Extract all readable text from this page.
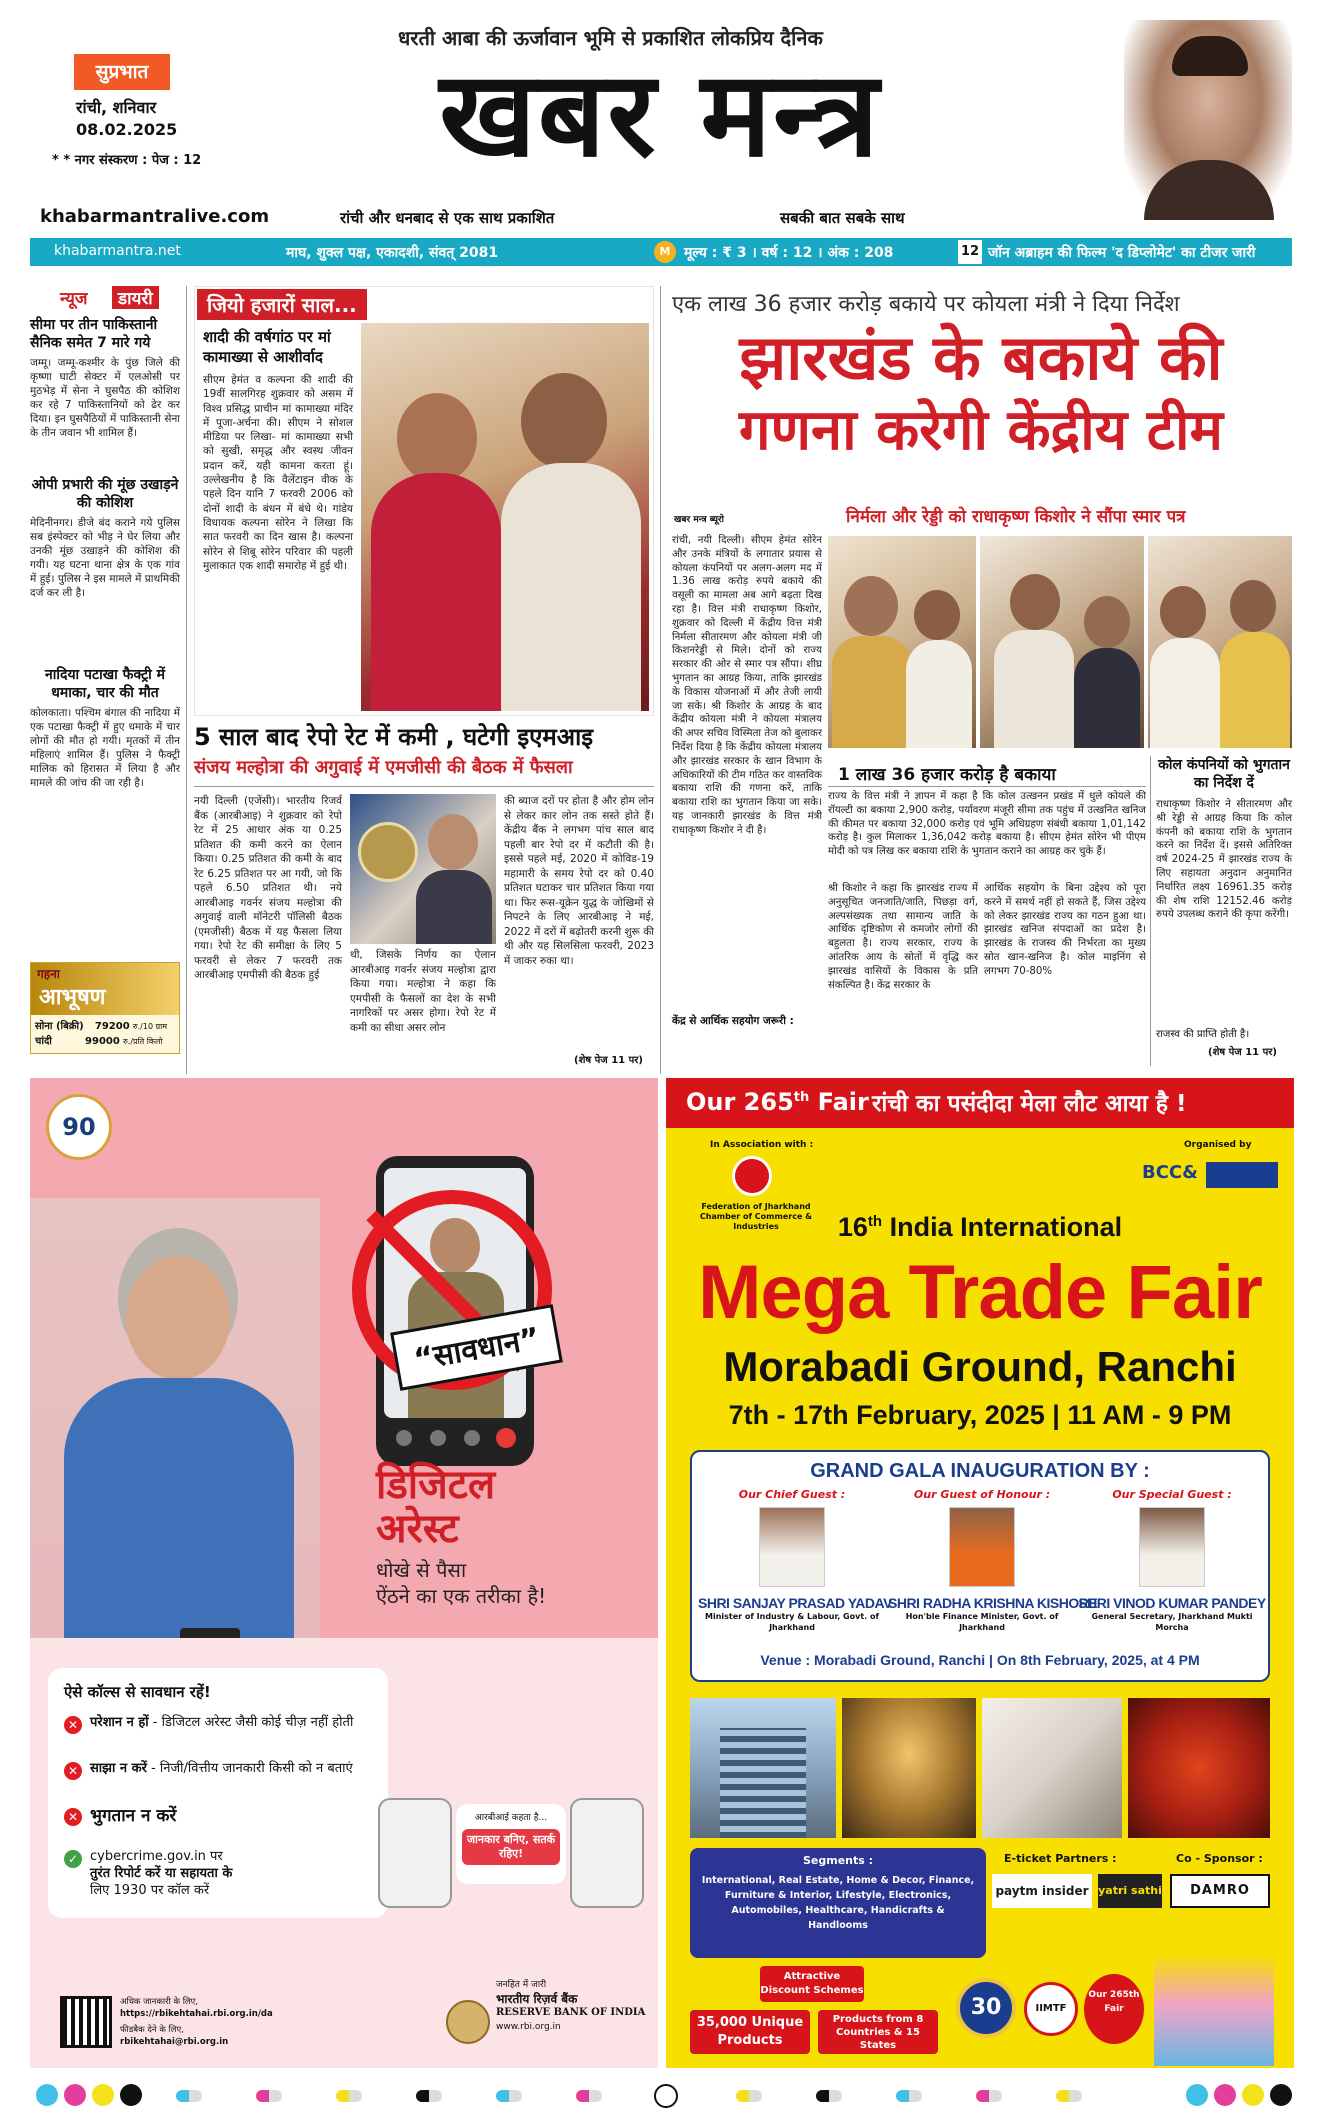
धरती आबा की ऊर्जावान भूमि से प्रकाशित लोकप्रिय दैनिक
सुप्रभात
रांची, शनिवार
08.02.2025
* * नगर संस्करण : पेज : 12	खबर मन्त्र
khabarmantralive.com	रांची और धनबाद से एक साथ प्रकाशित	सबकी बात सबके साथ
khabarmantra.net	माघ, शुक्ल पक्ष, एकादशी, संवत् 2081	M मूल्य : ₹ 3 । वर्ष : 12 । अंक : 208	12 जॉन अब्राहम की फिल्म 'द डिप्लोमेट' का टीजर जारी
न्यूज	डायरी
सीमा पर तीन पाकिस्तानी सैनिक समेत 7 मारे गये
जम्मू। जम्मू-कश्मीर के पुंछ जिले की कृष्णा घाटी सेक्टर में एलओसी पर मुठभेड़ में सेना ने घुसपैठ की कोशिश कर रहे 7 पाकिस्तानियों को ढेर कर दिया। इन घुसपैठियों में पाकिस्तानी सेना के तीन जवान भी शामिल हैं।
ओपी प्रभारी की मूंछ उखाड़ने की कोशिश
मेदिनीनगर। डीजे बंद कराने गये पुलिस सब इंस्पेक्टर को भीड़ ने घेर लिया और उनकी मूंछ उखाड़ने की कोशिश की गयी। यह घटना थाना क्षेत्र के एक गांव में हुई। पुलिस ने इस मामले में प्राथमिकी दर्ज कर ली है।
नादिया पटाखा फैक्ट्री में धमाका, चार की मौत
कोलकाता। पश्चिम बंगाल की नादिया में एक पटाखा फैक्ट्री में हुए धमाके में चार लोगों की मौत हो गयी। मृतकों में तीन महिलाएं शामिल हैं। पुलिस ने फैक्ट्री मालिक को हिरासत में लिया है और मामले की जांच की जा रही है।
गहना
आभूषण
सोना (बिक्री) 79200 रु./10 ग्राम
चांदी	99000 रु./प्रति किलो
जियो हजारों साल...
शादी की वर्षगांठ पर मां कामाख्या से आशीर्वाद
सीएम हेमंत व कल्पना की शादी की 19वीं सालगिरह शुक्रवार को असम में विश्व प्रसिद्ध प्राचीन मां कामाख्या मंदिर में पूजा-अर्चना की। सीएम ने सोशल मीडिया पर लिखा- मां कामाख्या सभी को सुखी, समृद्ध और स्वस्थ जीवन प्रदान करें, यही कामना करता हूं। उल्लेखनीय है कि वैलेंटाइन वीक के पहले दिन यानि 7 फरवरी 2006 को दोनों शादी के बंधन में बंधे थे। गांडेय विधायक कल्पना सोरेन ने लिखा कि सात फरवरी का दिन खास है। कल्पना सोरेन से शिबू सोरेन परिवार की पहली मुलाकात एक शादी समारोह में हुई थी।
5 साल बाद रेपो रेट में कमी , घटेगी इएमआइ
संजय मल्होत्रा की अगुवाई में एमजीसी की बैठक में फैसला
नयी दिल्ली (एजेंसी)। भारतीय रिजर्व बैंक (आरबीआइ) ने शुक्रवार को रेपो रेट में 25 आधार अंक या 0.25 प्रतिशत की कमी करने का ऐलान किया। 0.25 प्रतिशत की कमी के बाद रेट 6.25 प्रतिशत पर आ गयी, जो कि पहले 6.50 प्रतिशत थी। नये आरबीआइ गवर्नर संजय मल्होत्रा की अगुवाई वाली मॉनेटरी पॉलिसी बैठक (एमजीसी) बैठक में यह फैसला लिया गया। रेपो रेट की समीक्षा के लिए 5 फरवरी से लेकर 7 फरवरी तक आरबीआइ एमपीसी की बैठक हुई
थी, जिसके निर्णय का ऐलान आरबीआइ गवर्नर संजय मल्होत्रा द्वारा किया गया। मल्होत्रा ने कहा कि एमपीसी के फैसलों का देश के सभी नागरिकों पर असर होगा। रेपो रेट में कमी का सीधा असर लोन
की ब्याज दरों पर होता है और होम लोन से लेकर कार लोन तक सस्ते होते हैं। केंद्रीय बैंक ने लगभग पांच साल बाद पहली बार रेपो दर में कटौती की है। इससे पहले मई, 2020 में कोविड-19 महामारी के समय रेपो दर को 0.40 प्रतिशत घटाकर चार प्रतिशत किया गया था। फिर रूस-यूक्रेन युद्ध के जोखिमों से निपटने के लिए आरबीआइ ने मई, 2022 में दरों में बढ़ोतरी करनी शुरू की थी और यह सिलसिला फरवरी, 2023 में जाकर रुका था।
(शेष पेज 11 पर)
एक लाख 36 हजार करोड़ बकाये पर कोयला मंत्री ने दिया निर्देश
झारखंड के बकाये की
गणना करेगी केंद्रीय टीम
खबर मन्त्र ब्यूरो	निर्मला और रेड्डी को राधाकृष्ण किशोर ने सौंपा स्मार पत्र
रांची, नयी दिल्ली। सीएम हेमंत सोरेन और उनके मंत्रियों के लगातार प्रयास से कोयला कंपनियों पर अलग-अलग मद में 1.36 लाख करोड़ रुपये बकाये की वसूली का मामला अब आगे बढ़ता दिख रहा है। वित्त मंत्री राधाकृष्ण किशोर, शुक्रवार को दिल्ली में केंद्रीय वित्त मंत्री निर्मला सीतारमण और कोयला मंत्री जी किशनरेड्डी से मिले। दोनों को राज्य सरकार की ओर से स्मार पत्र सौंपा। शीघ्र भुगतान का आग्रह किया, ताकि झारखंड के विकास योजनाओं में और तेजी लायी जा सके। श्री किशोर के आग्रह के बाद केंद्रीय कोयला मंत्री ने कोयला मंत्रालय की अपर सचिव विस्मिता तेज को बुलाकर निर्देश दिया है कि केंद्रीय कोयला मंत्रालय और झारखंड सरकार के खान विभाग के अधिकारियों की टीम गठित कर वास्तविक बकाया राशि की गणना करें, ताकि बकाया राशि का भुगतान किया जा सके। यह जानकारी झारखंड के वित्त मंत्री राधाकृष्ण किशोर ने दी है।
केंद्र से आर्थिक सहयोग जरूरी :
श्री किशोर ने कहा कि झारखंड राज्य में अनुसूचित जनजाति/जाति, पिछड़ा वर्ग, अल्पसंख्यक तथा सामान्य जाति के आर्थिक दृष्टिकोण से कमजोर लोगों की बहुलता है। राज्य सरकार, राज्य के आंतरिक आय के स्रोतों में वृद्धि कर झारखंड वासियों के विकास के प्रति संकल्पित है। केंद्र सरकार के
1 लाख 36 हजार करोड़ है बकाया
राज्य के वित्त मंत्री ने ज्ञापन में कहा है कि कोल उत्खनन प्रखंड में धुले कोयले की रॉयल्टी का बकाया 2,900 करोड़, पर्यावरण मंजूरी सीमा तक पहुंच में उत्खनित खनिज की कीमत पर बकाया 32,000 करोड़ एवं भूमि अधिग्रहण संबंधी बकाया 1,01,142 करोड़ है। कुल मिलाकर 1,36,042 करोड़ बकाया है। सीएम हेमंत सोरेन भी पीएम मोदी को पत्र लिख कर बकाया राशि के भुगतान कराने का आग्रह कर चुके हैं।
आर्थिक सहयोग के बिना उद्देश्य को पूरा करने में समर्थ नहीं हो सकते हैं, जिस उद्देश्य को लेकर झारखंड राज्य का गठन हुआ था। झारखंड खनिज संपदाओं का प्रदेश है। झारखंड के राजस्व की निर्भरता का मुख्य स्रोत खान-खनिज है। कोल माइनिंग से लगभग 70-80%
कोल कंपनियों को भुगतान का निर्देश दें
राधाकृष्ण किशोर ने सीतारमण और श्री रेड्डी से आग्रह किया कि कोल कंपनी को बकाया राशि के भुगतान करने का निर्देश दें। इससे अतिरिक्त वर्ष 2024-25 में झारखंड राज्य के लिए सहायता अनुदान अनुमानित निर्धारित लक्ष्य 16961.35 करोड़ की शेष राशि 12152.46 करोड़ रुपये उपलब्ध कराने की कृपा करेंगी।
राजस्व की प्राप्ति होती है।
(शेष पेज 11 पर)
90
“सावधान”
डिजिटल
अरेस्ट
धोखे से पैसा
ऐंठने का एक तरीका है!
ऐसे कॉल्स से सावधान रहें!
✕ परेशान न हों - डिजिटल अरेस्ट जैसी कोई चीज़ नहीं होती
✕ साझा न करें - निजी/वित्तीय जानकारी किसी को न बताएं
✕ भुगतान न करें
✓ cybercrime.gov.in पर
तुरंत रिपोर्ट करें या सहायता के
लिए 1930 पर कॉल करें
आरबीआई कहता है...
जानकार बनिए, सतर्क रहिए!
अधिक जानकारी के लिए,
https://rbikehtahai.rbi.org.in/da
फीडबैक देने के लिए,
rbikehtahai@rbi.org.in
जनहित में जारी
भारतीय रिज़र्व बैंक
RESERVE BANK OF INDIA
www.rbi.org.in
Our 265th Fair रांची का पसंदीदा मेला लौट आया है !
In Association with :
Federation of Jharkhand Chamber of Commerce & Industries
Organised by
BCC&
16th India International
Mega Trade Fair
Morabadi Ground, Ranchi
7th - 17th February, 2025 | 11 AM - 9 PM
GRAND GALA INAUGURATION BY :
Our Chief Guest :
SHRI SANJAY PRASAD YADAV
Minister of Industry & Labour, Govt. of Jharkhand
Our Guest of Honour :
SHRI RADHA KRISHNA KISHORE
Hon'ble Finance Minister, Govt. of Jharkhand
Our Special Guest :
SHRI VINOD KUMAR PANDEY
General Secretary, Jharkhand Mukti Morcha
Venue : Morabadi Ground, Ranchi | On 8th February, 2025, at 4 PM
Segments :
International, Real Estate, Home & Decor, Finance, Furniture & Interior, Lifestyle, Electronics, Automobiles, Healthcare, Handicrafts & Handlooms
E-ticket Partners :	Co - Sponsor :
paytm insider yatri sathi	DAMRO
Attractive Discount Schemes
35,000 Unique Products
Products from 8 Countries & 15 States
30	IIMTF
Our 265th Fair
